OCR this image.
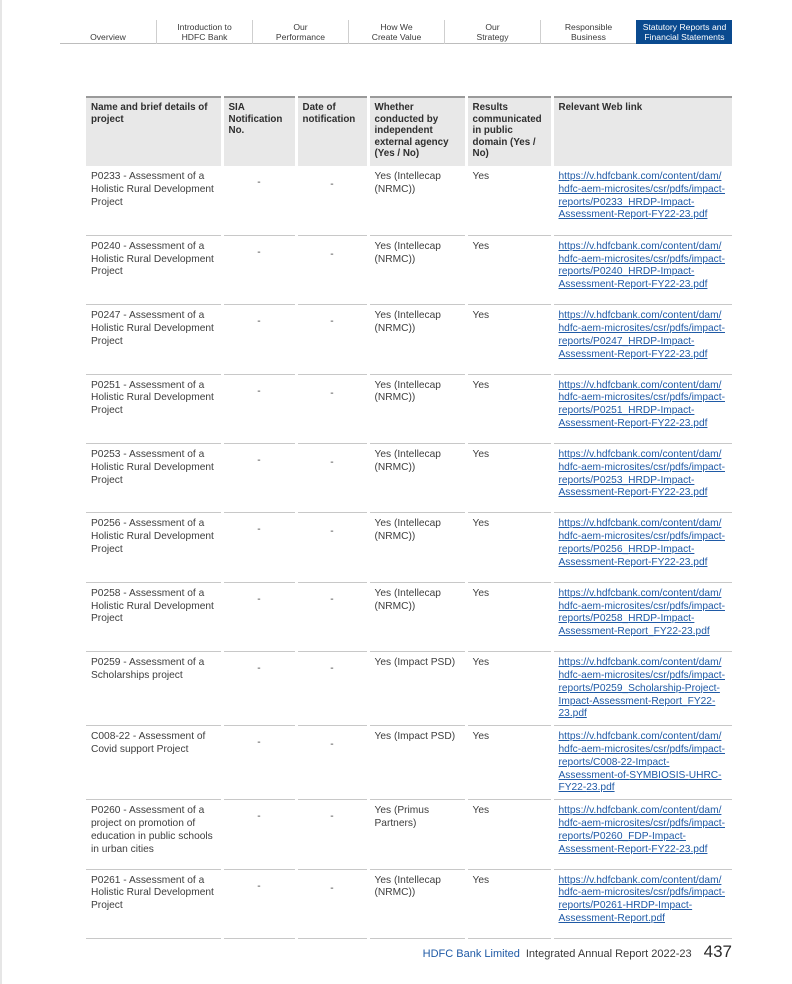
Overview
Introduction to
HDFC Bank
Our
Performance
How We
Create Value
Our
Strategy
Responsible
Business
Statutory Reports and
Financial Statements
Name and brief details of project	SIA Notification No.	Date of notification	Whether conducted by independent external agency (Yes / No)	Results communicated in public domain (Yes / No)	Relevant Web link
P0233 - Assessment of a Holistic Rural Development Project	-	-	Yes (Intellecap (NRMC))	Yes	https://v.hdfcbank.com/content/dam/hdfc-aem-microsites/csr/pdfs/impact-reports/P0233_HRDP-Impact-Assessment-Report-FY22-23.pdf
P0240 - Assessment of a Holistic Rural Development Project	-	-	Yes (Intellecap (NRMC))	Yes	https://v.hdfcbank.com/content/dam/hdfc-aem-microsites/csr/pdfs/impact-reports/P0240_HRDP-Impact-Assessment-Report-FY22-23.pdf
P0247 - Assessment of a Holistic Rural Development Project	-	-	Yes (Intellecap (NRMC))	Yes	https://v.hdfcbank.com/content/dam/hdfc-aem-microsites/csr/pdfs/impact-reports/P0247_HRDP-Impact-Assessment-Report-FY22-23.pdf
P0251 - Assessment of a Holistic Rural Development Project	-	-	Yes (Intellecap (NRMC))	Yes	https://v.hdfcbank.com/content/dam/hdfc-aem-microsites/csr/pdfs/impact-reports/P0251_HRDP-Impact-Assessment-Report-FY22-23.pdf
P0253 - Assessment of a Holistic Rural Development Project	-	-	Yes (Intellecap (NRMC))	Yes	https://v.hdfcbank.com/content/dam/hdfc-aem-microsites/csr/pdfs/impact-reports/P0253_HRDP-Impact-Assessment-Report-FY22-23.pdf
P0256 - Assessment of a Holistic Rural Development Project	-	-	Yes (Intellecap (NRMC))	Yes	https://v.hdfcbank.com/content/dam/hdfc-aem-microsites/csr/pdfs/impact-reports/P0256_HRDP-Impact-Assessment-Report-FY22-23.pdf
P0258 - Assessment of a Holistic Rural Development Project	-	-	Yes (Intellecap (NRMC))	Yes	https://v.hdfcbank.com/content/dam/hdfc-aem-microsites/csr/pdfs/impact-reports/P0258_HRDP-Impact-Assessment-Report_FY22-23.pdf
P0259 - Assessment of a Scholarships project	-	-	Yes (Impact PSD)	Yes	https://v.hdfcbank.com/content/dam/hdfc-aem-microsites/csr/pdfs/impact-reports/P0259_Scholarship-Project-Impact-Assessment-Report_FY22-23.pdf
C008-22 - Assessment of Covid support Project	-	-	Yes (Impact PSD)	Yes	https://v.hdfcbank.com/content/dam/hdfc-aem-microsites/csr/pdfs/impact-reports/C008-22-Impact-Assessment-of-SYMBIOSIS-UHRC-FY22-23.pdf
P0260 - Assessment of a project on promotion of education in public schools in urban cities	-	-	Yes (Primus Partners)	Yes	https://v.hdfcbank.com/content/dam/hdfc-aem-microsites/csr/pdfs/impact-reports/P0260_FDP-Impact-Assessment-Report-FY22-23.pdf
P0261 - Assessment of a Holistic Rural Development Project	-	-	Yes (Intellecap (NRMC))	Yes	https://v.hdfcbank.com/content/dam/hdfc-aem-microsites/csr/pdfs/impact-reports/P0261-HRDP-Impact-Assessment-Report.pdf
HDFC Bank Limited Integrated Annual Report 2022-23 437
